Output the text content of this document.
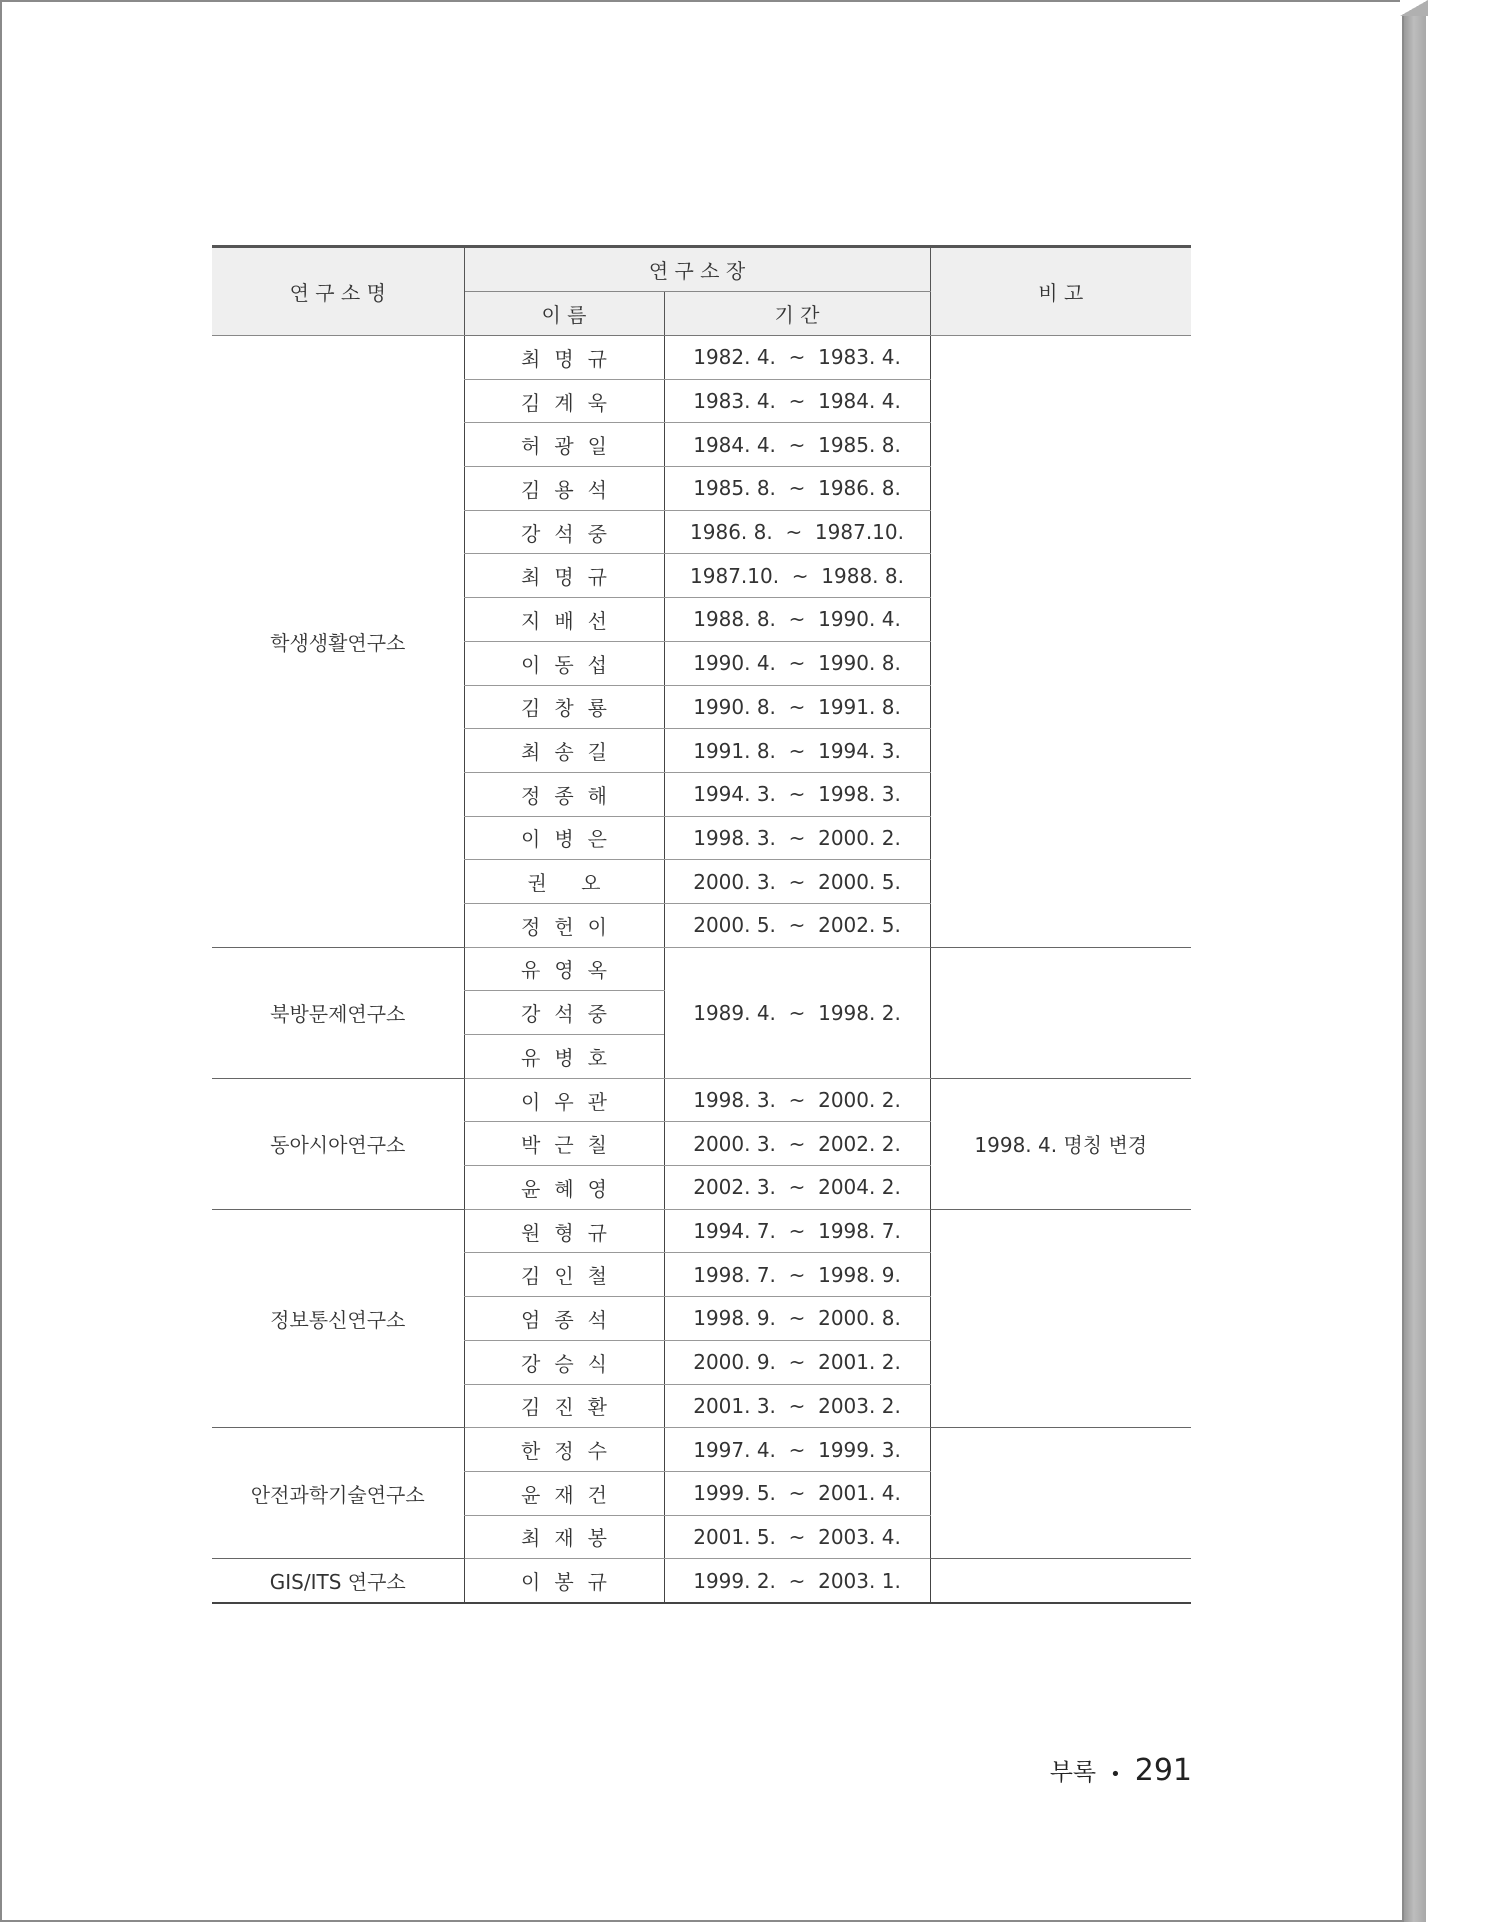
연 구 소 명	연 구 소 장		비 고
	이 름	기 간	
학생생활연구소	최명규	1982. 4.  ~  1983. 4.	
	김계욱	1983. 4.  ~  1984. 4.	
	허광일	1984. 4.  ~  1985. 8.	
	김용석	1985. 8.  ~  1986. 8.	
	강석중	1986. 8.  ~  1987.10.	
	최명규	1987.10.  ~  1988. 8.	
	지배선	1988. 8.  ~  1990. 4.	
	이동섭	1990. 4.  ~  1990. 8.	
	김창룡	1990. 8.  ~  1991. 8.	
	최송길	1991. 8.  ~  1994. 3.	
	정종해	1994. 3.  ~  1998. 3.	
	이병은	1998. 3.  ~  2000. 2.	
	권 오	2000. 3.  ~  2000. 5.	
	정헌이	2000. 5.  ~  2002. 5.	
북방문제연구소	유영옥	1989. 4.  ~  1998. 2.	
	강석중		
	유병호		
동아시아연구소	이우관	1998. 3.  ~  2000. 2.	1998. 4. 명칭 변경
	박근칠	2000. 3.  ~  2002. 2.	
	윤혜영	2002. 3.  ~  2004. 2.	
정보통신연구소	원형규	1994. 7.  ~  1998. 7.	
	김인철	1998. 7.  ~  1998. 9.	
	엄종석	1998. 9.  ~  2000. 8.	
	강승식	2000. 9.  ~  2001. 2.	
	김진환	2001. 3.  ~  2003. 2.	
안전과학기술연구소	한정수	1997. 4.  ~  1999. 3.	
	윤재건	1999. 5.  ~  2001. 4.	
	최재봉	2001. 5.  ~  2003. 4.	
GIS/ITS 연구소	이봉규	1999. 2.  ~  2003. 1.	
부록 • 291
